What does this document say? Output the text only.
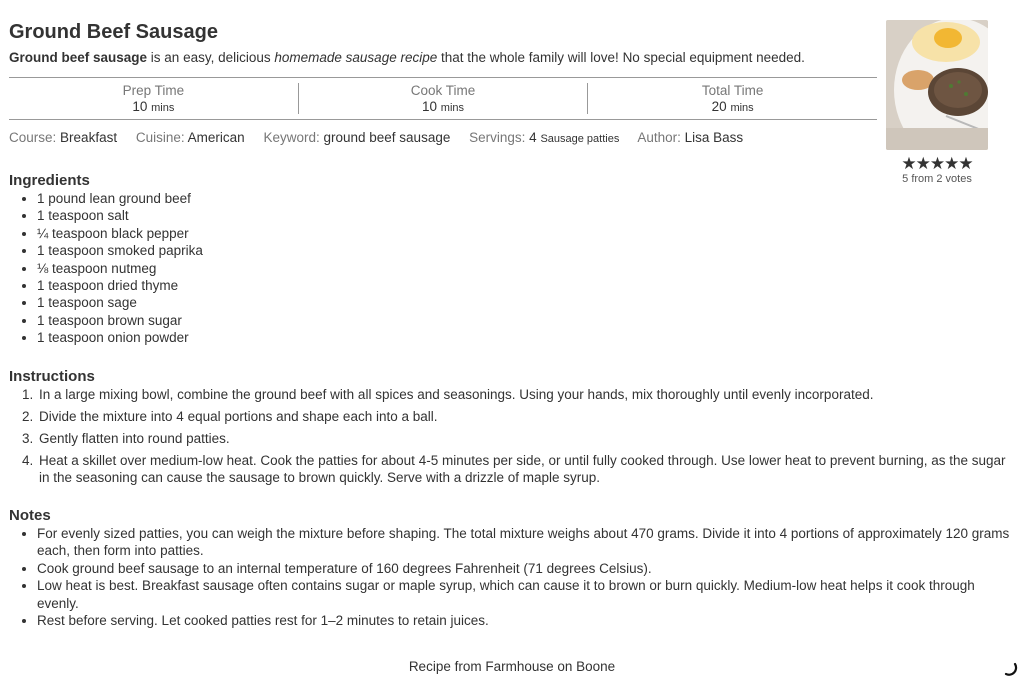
Ground Beef Sausage
Ground beef sausage is an easy, delicious homemade sausage recipe that the whole family will love! No special equipment needed.
Prep Time
10 mins
Cook Time
10 mins
Total Time
20 mins
Course: Breakfast Cuisine: American Keyword: ground beef sausage Servings: 4 Sausage patties Author: Lisa Bass
★★★★★
5 from 2 votes
Ingredients
• 1 pound lean ground beef
• 1 teaspoon salt
• ¼ teaspoon black pepper
• 1 teaspoon smoked paprika
• ⅛ teaspoon nutmeg
• 1 teaspoon dried thyme
• 1 teaspoon sage
• 1 teaspoon brown sugar
• 1 teaspoon onion powder
Instructions
1. In a large mixing bowl, combine the ground beef with all spices and seasonings. Using your hands, mix thoroughly until evenly incorporated.
2. Divide the mixture into 4 equal portions and shape each into a ball.
3. Gently flatten into round patties.
4. Heat a skillet over medium-low heat. Cook the patties for about 4-5 minutes per side, or until fully cooked through. Use lower heat to prevent burning, as the sugar in the seasoning can cause the sausage to brown quickly. Serve with a drizzle of maple syrup.
Notes
• For evenly sized patties, you can weigh the mixture before shaping. The total mixture weighs about 470 grams. Divide it into 4 portions of approximately 120 grams each, then form into patties.
• Cook ground beef sausage to an internal temperature of 160 degrees Fahrenheit (71 degrees Celsius).
• Low heat is best. Breakfast sausage often contains sugar or maple syrup, which can cause it to brown or burn quickly. Medium-low heat helps it cook through evenly.
• Rest before serving. Let cooked patties rest for 1–2 minutes to retain juices.
Recipe from Farmhouse on Boone
